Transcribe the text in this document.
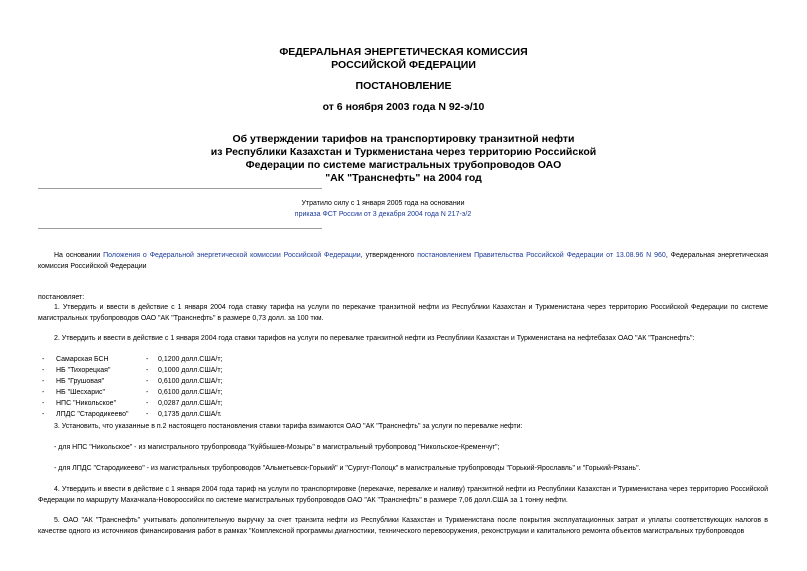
ФЕДЕРАЛЬНАЯ ЭНЕРГЕТИЧЕСКАЯ КОМИССИЯ
РОССИЙСКОЙ ФЕДЕРАЦИИ
ПОСТАНОВЛЕНИЕ
от 6 ноября 2003 года N 92-э/10
Об утверждении тарифов на транспортировку транзитной нефти
из Республики Казахстан и Туркменистана через территорию Российской
Федерации по системе магистральных трубопроводов ОАО
"АК "Транснефть" на 2004 год
Утратило силу с 1 января 2005 года на основании
приказа ФСТ России от 3 декабря 2004 года N 217-э/2
На основании Положения о Федеральной энергетической комиссии Российской Федерации, утвержденного постановлением Правительства Российской Федерации от 13.08.96 N 960, Федеральная энергетическая комиссия Российской Федерации
постановляет:
1. Утвердить и ввести в действие с 1 января 2004 года ставку тарифа на услуги по перекачке транзитной нефти из Республики Казахстан и Туркменистана через территорию Российской Федерации по системе магистральных трубопроводов ОАО "АК "Транснефть" в размере 0,73 долл. за 100 ткм.
2. Утвердить и ввести в действие с 1 января 2004 года ставки тарифов на услуги по перевалке транзитной нефти из Республики Казахстан и Туркменистана на нефтебазах ОАО "АК "Транснефть":
- Самарская БСН	- 0,1200 долл.США/т;
- НБ "Тихорецкая"	- 0,1000 долл.США/т;
- НБ "Грушовая"	- 0,6100 долл.США/т;
- НБ "Шесхарис"	- 0,6100 долл.США/т;
- НПС "Никольское"	- 0,0287 долл.США/т;
- ЛПДС "Стародикеево"	- 0,1735 долл.США/т.
3. Установить, что указанные в п.2 настоящего постановления ставки тарифа взимаются ОАО "АК "Транснефть" за услуги по перевалке нефти:
- для НПС "Никольское" - из магистрального трубопровода "Куйбышев-Мозырь" в магистральный трубопровод "Никольское-Кременчуг";
- для ЛПДС "Стародикеево" - из магистральных трубопроводов "Альметьевск-Горький" и "Сургут-Полоцк" в магистральные трубопроводы "Горький-Ярославль" и "Горький-Рязань".
4. Утвердить и ввести в действие с 1 января 2004 года тариф на услуги по транспортировке (перекачке, перевалке и наливу) транзитной нефти из Республики Казахстан и Туркменистана через территорию Российской Федерации по маршруту Махачкала-Новороссийск по системе магистральных трубопроводов ОАО "АК "Транснефть" в размере 7,06 долл.США за 1 тонну нефти.
5. ОАО "АК "Транснефть" учитывать дополнительную выручку за счет транзита нефти из Республики Казахстан и Туркменистана после покрытия эксплуатационных затрат и уплаты соответствующих налогов в качестве одного из источников финансирования работ в рамках "Комплексной программы диагностики, технического перевооружения, реконструкции и капитального ремонта объектов магистральных трубопроводов
